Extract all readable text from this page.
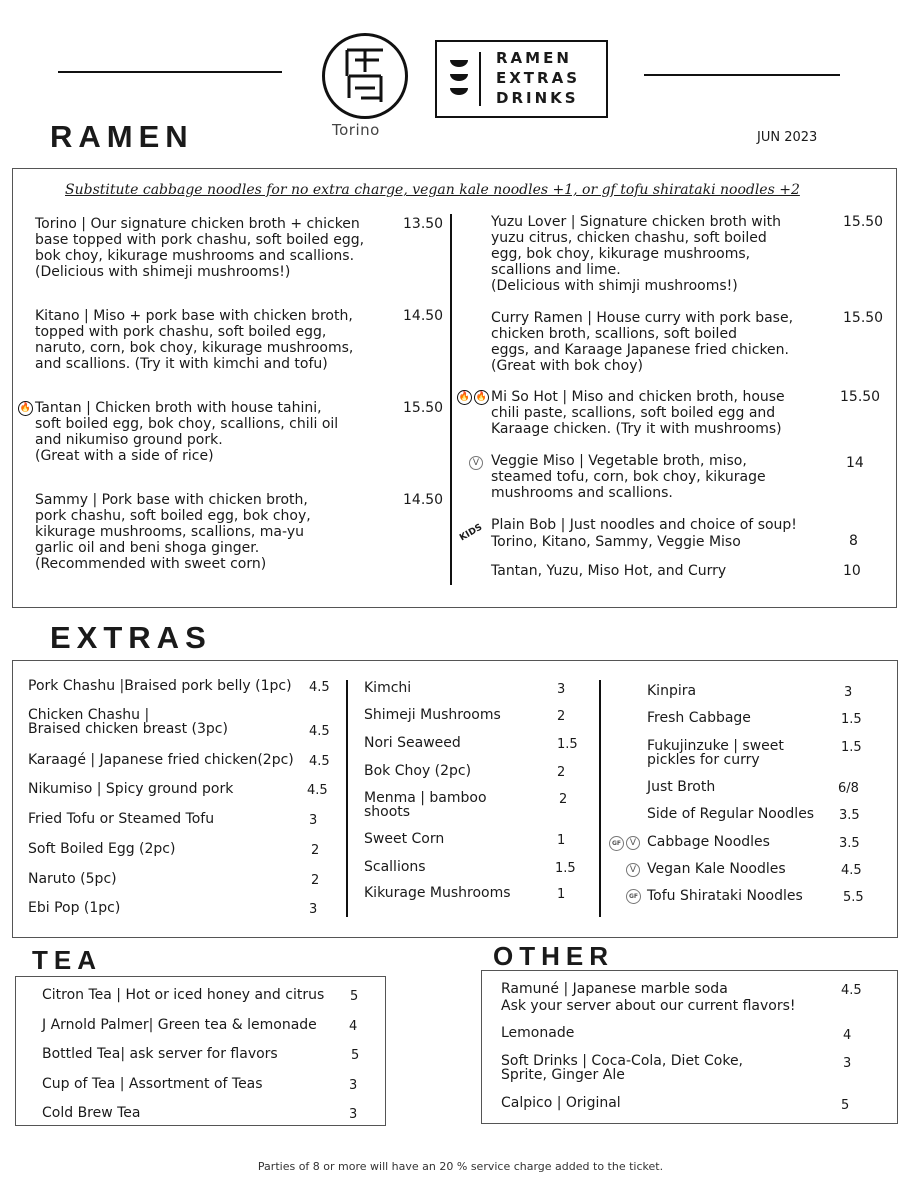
Torino
RAMEN
EXTRAS
DRINKS
RAMEN	JUN 2023
Substitute cabbage noodles for no extra charge, vegan kale noodles +1, or gf tofu shirataki noodles +2
Torino | Our signature chicken broth + chicken
base topped with pork chashu, soft boiled egg,
bok choy, kikurage mushrooms and scallions.
(Delicious with shimeji mushrooms!)
13.50
Kitano | Miso + pork base with chicken broth,
topped with pork chashu, soft boiled egg,
naruto, corn, bok choy, kikurage mushrooms,
and scallions. (Try it with kimchi and tofu)
14.50
🔥 Tantan | Chicken broth with house tahini,
soft boiled egg, bok choy, scallions, chili oil
and nikumiso ground pork.
(Great with a side of rice)
15.50
Sammy | Pork base with chicken broth,
pork chashu, soft boiled egg, bok choy,
kikurage mushrooms, scallions, ma-yu
garlic oil and beni shoga ginger.
(Recommended with sweet corn)
14.50
Yuzu Lover | Signature chicken broth with
yuzu citrus, chicken chashu, soft boiled
egg, bok choy, kikurage mushrooms,
scallions and lime.
(Delicious with shimji mushrooms!)
15.50
Curry Ramen | House curry with pork base,
chicken broth, scallions, soft boiled
eggs, and Karaage Japanese fried chicken.
(Great with bok choy)
15.50
🔥 🔥 Mi So Hot | Miso and chicken broth, house
chili paste, scallions, soft boiled egg and
Karaage chicken. (Try it with mushrooms)
15.50
V Veggie Miso | Vegetable broth, miso,
steamed tofu, corn, bok choy, kikurage
mushrooms and scallions.
14
KIDS Plain Bob | Just noodles and choice of soup!
Torino, Kitano, Sammy, Veggie Miso	8
Tantan, Yuzu, Miso Hot, and Curry	10
EXTRAS
Pork Chashu |Braised pork belly (1pc) 4.5
Chicken Chashu |
Braised chicken breast (3pc)	4.5
Karaagé | Japanese fried chicken(2pc) 4.5
Nikumiso | Spicy ground pork	4.5
Fried Tofu or Steamed Tofu	3
Soft Boiled Egg (2pc)	2
Naruto (5pc)	2
Ebi Pop (1pc)	3
Kimchi	3
Shimeji Mushrooms	2
Nori Seaweed	1.5
Bok Choy (2pc)	2
Menma | bamboo
shoots
2
Sweet Corn	1
Scallions	1.5
Kikurage Mushrooms	1
Kinpira	3
Fresh Cabbage	1.5
Fukujinzuke | sweet
pickles for curry
1.5
Just Broth	6/8
Side of Regular Noodles 3.5
GF V Cabbage Noodles	3.5
V Vegan Kale Noodles	4.5
GF Tofu Shirataki Noodles	5.5
TEA
Citron Tea | Hot or iced honey and citrus 5
J Arnold Palmer| Green tea & lemonade 4
Bottled Tea| ask server for flavors	5
Cup of Tea | Assortment of Teas	3
Cold Brew Tea	3
OTHER
Ramuné | Japanese marble soda
Ask your server about our current flavors!
4.5
Lemonade	4
Soft Drinks | Coca-Cola, Diet Coke,
Sprite, Ginger Ale
3
Calpico | Original	5
Parties of 8 or more will have an 20 % service charge added to the ticket.
